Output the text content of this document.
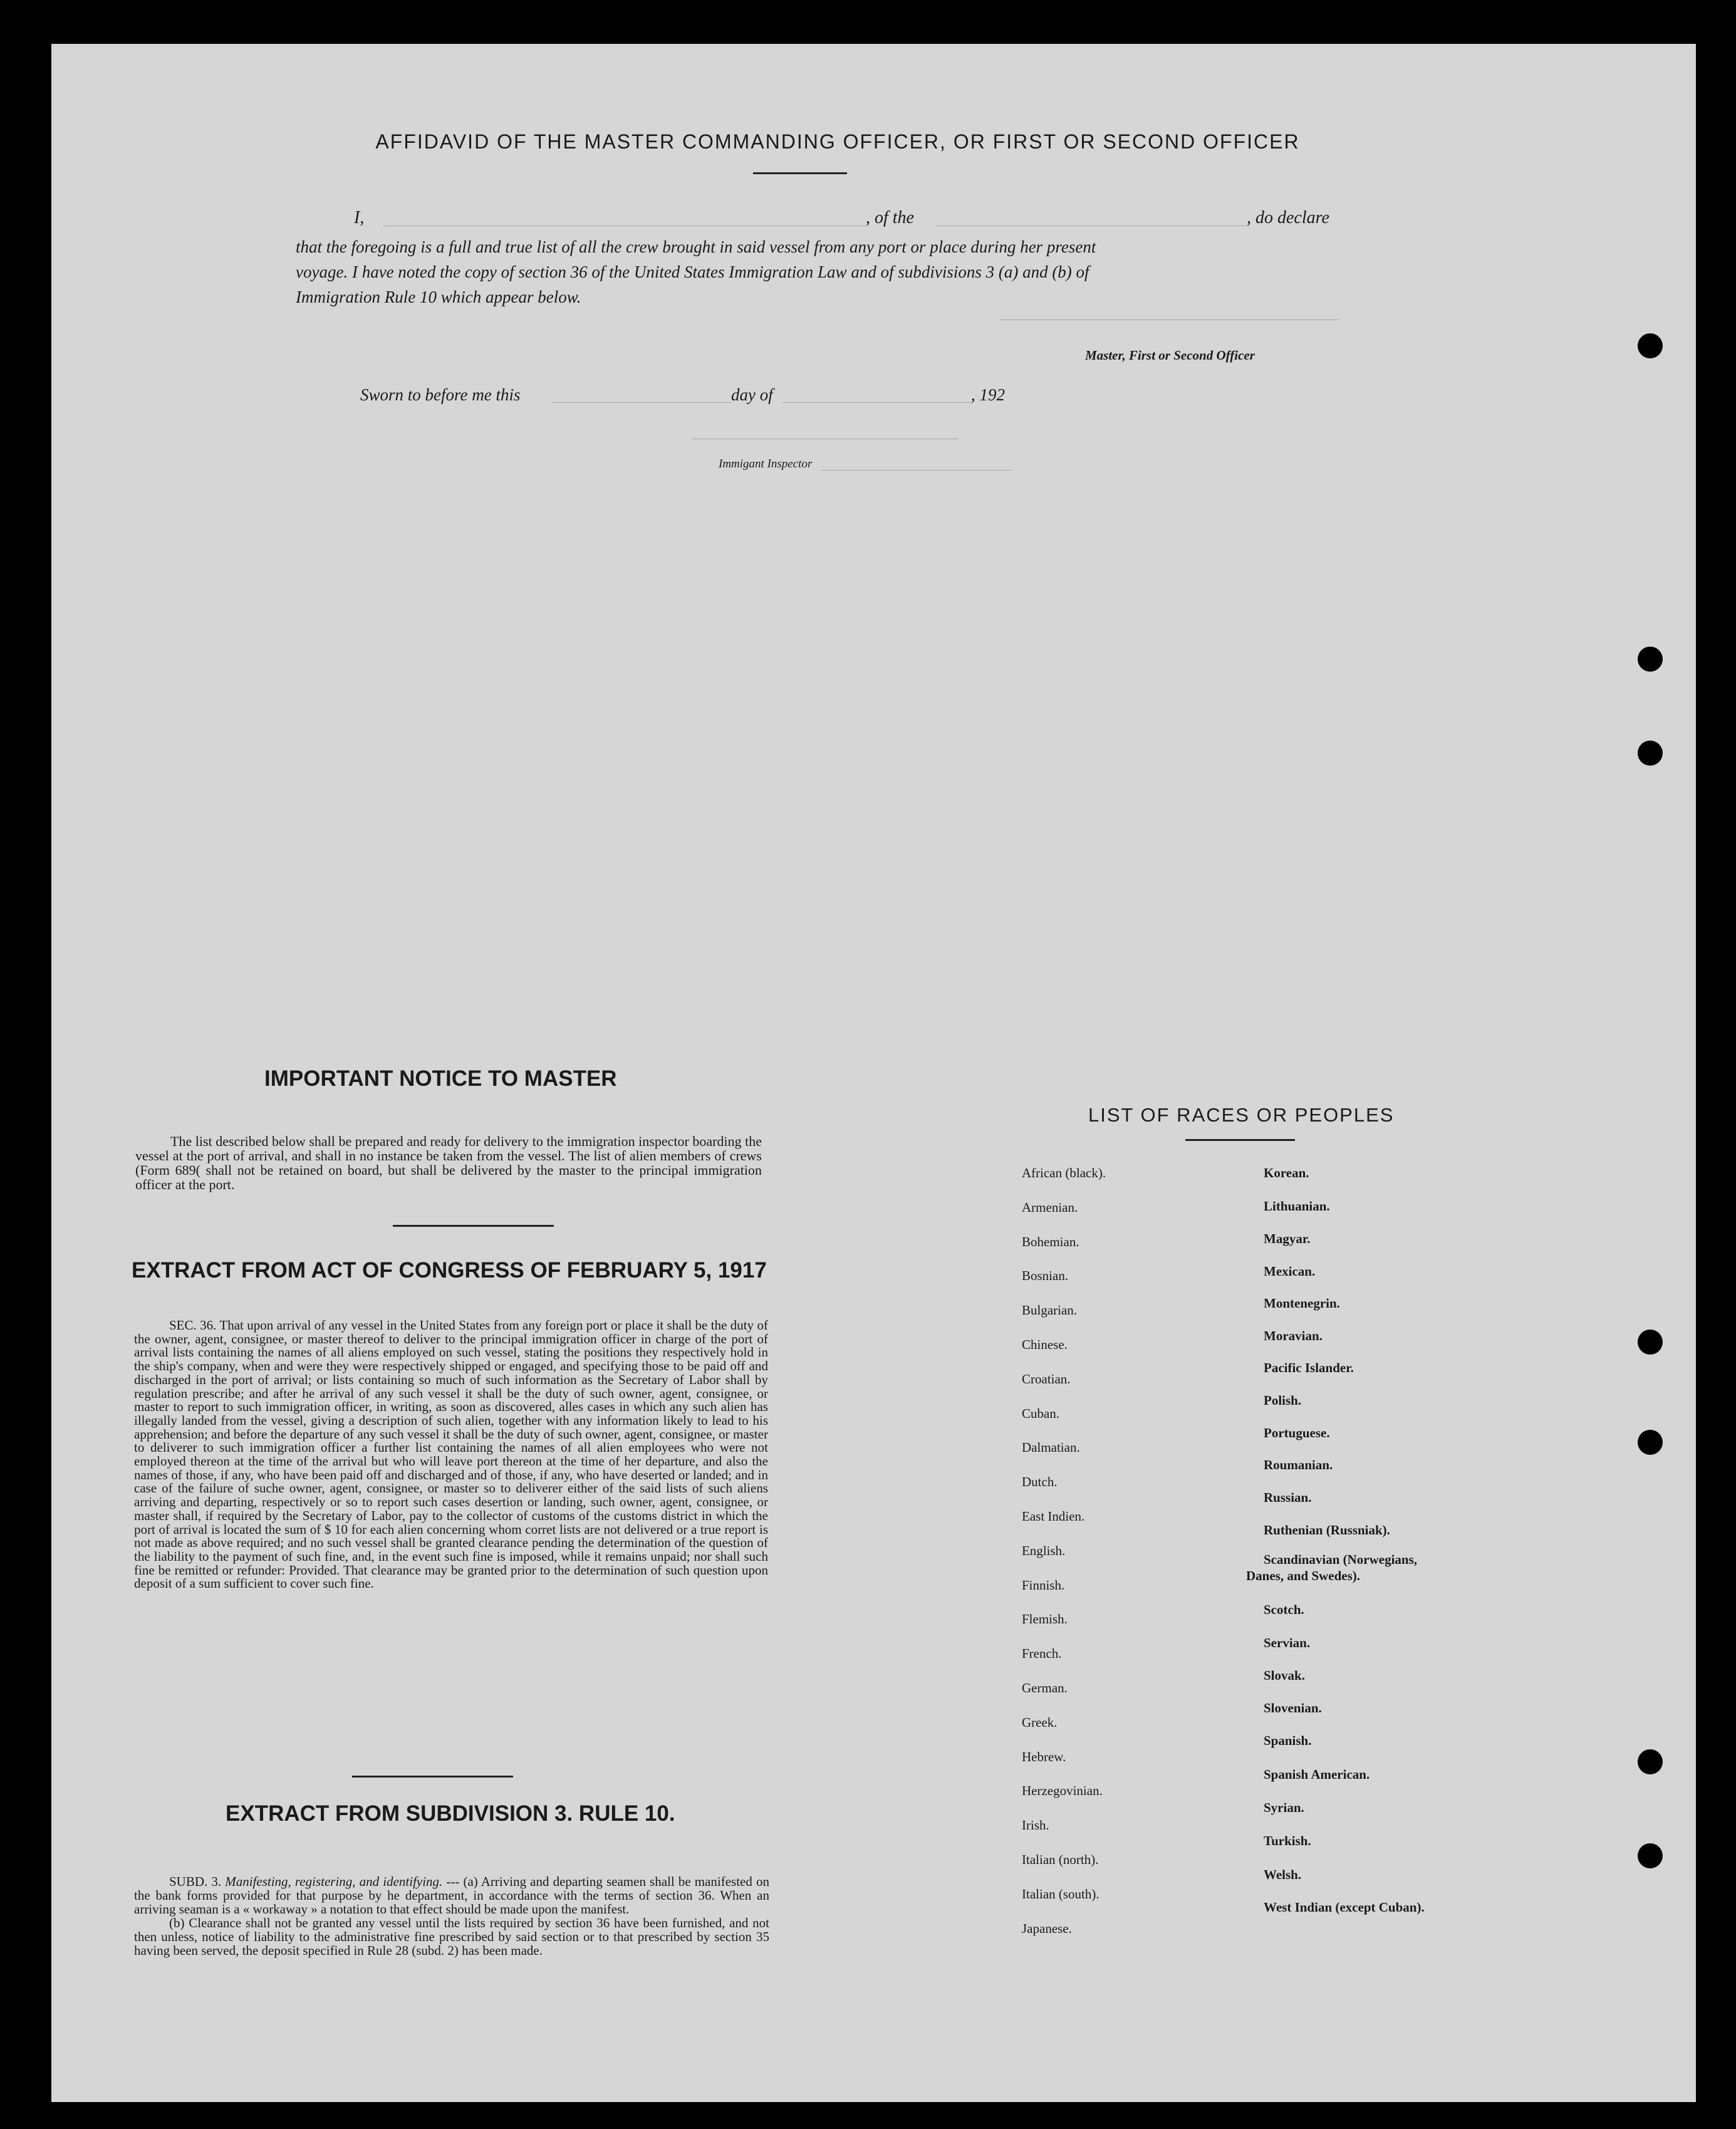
AFFIDAVID OF THE MASTER COMMANDING OFFICER, OR FIRST OR SECOND OFFICER
I,	, of the	, do declare
that the foregoing is a full and true list of all the crew brought in said vessel from any port or place during her present
voyage. I have noted the copy of section 36 of the United States Immigration Law and of subdivisions 3 (a) and (b) of
Immigration Rule 10 which appear below.
Master, First or Second Officer
Sworn to before me this	day of	, 192
Immigant Inspector
IMPORTANT NOTICE TO MASTER
The list described below shall be prepared and ready for delivery to the immigration inspector boarding the vessel at the port of arrival, and shall in no instance be taken from the vessel. The list of alien members of crews (Form 689( shall not be retained on board, but shall be delivered by the master to the principal immigration officer at the port.
EXTRACT FROM ACT OF CONGRESS OF FEBRUARY 5, 1917
SEC. 36. That upon arrival of any vessel in the United States from any foreign port or place it shall be the duty of the owner, agent, consignee, or master thereof to deliver to the principal immigration officer in charge of the port of arrival lists containing the names of all aliens employed on such vessel, stating the positions they respectively hold in the ship's company, when and were they were respectively shipped or engaged, and specifying those to be paid off and discharged in the port of arrival; or lists containing so much of such information as the Secretary of Labor shall by regulation prescribe; and after he arrival of any such vessel it shall be the duty of such owner, agent, consignee, or master to report to such immigration officer, in writing, as soon as discovered, alles cases in which any such alien has illegally landed from the vessel, giving a description of such alien, together with any information likely to lead to his apprehension; and before the departure of any such vessel it shall be the duty of such owner, agent, consignee, or master to deliverer to such immigration officer a further list containing the names of all alien employees who were not employed thereon at the time of the arrival but who will leave port thereon at the time of her departure, and also the names of those, if any, who have been paid off and discharged and of those, if any, who have deserted or landed; and in case of the failure of suche owner, agent, consignee, or master so to deliverer either of the said lists of such aliens arriving and departing, respectively or so to report such cases desertion or landing, such owner, agent, consignee, or master shall, if required by the Secretary of Labor, pay to the collector of customs of the customs district in which the port of arrival is located the sum of $ 10 for each alien concerning whom corret lists are not delivered or a true report is not made as above required; and no such vessel shall be granted clearance pending the determination of the question of the liability to the payment of such fine, and, in the event such fine is imposed, while it remains unpaid; nor shall such fine be remitted or refunder: Provided. That clearance may be granted prior to the determination of such question upon deposit of a sum sufficient to cover such fine.
EXTRACT FROM SUBDIVISION 3. RULE 10.
SUBD. 3. Manifesting, registering, and identifying. --- (a) Arriving and departing seamen shall be manifested on the bank forms provided for that purpose by he department, in accordance with the terms of section 36. When an arriving seaman is a « workaway » a notation to that effect should be made upon the manifest.
(b) Clearance shall not be granted any vessel until the lists required by section 36 have been furnished, and not then unless, notice of liability to the administrative fine prescribed by said section or to that prescribed by section 35 having been served, the deposit specified in Rule 28 (subd. 2) has been made.
LIST OF RACES OR PEOPLES
African (black).
Armenian.
Bohemian.
Bosnian.
Bulgarian.
Chinese.
Croatian.
Cuban.
Dalmatian.
Dutch.
East Indien.
English.
Finnish.
Flemish.
French.
German.
Greek.
Hebrew.
Herzegovinian.
Irish.
Italian (north).
Italian (south).
Japanese.
Korean.
Lithuanian.
Magyar.
Mexican.
Montenegrin.
Moravian.
Pacific Islander.
Polish.
Portuguese.
Roumanian.
Russian.
Ruthenian (Russniak).
Scandinavian (Norwegians,
Danes, and Swedes).
Scotch.
Servian.
Slovak.
Slovenian.
Spanish.
Spanish American.
Syrian.
Turkish.
Welsh.
West Indian (except Cuban).
